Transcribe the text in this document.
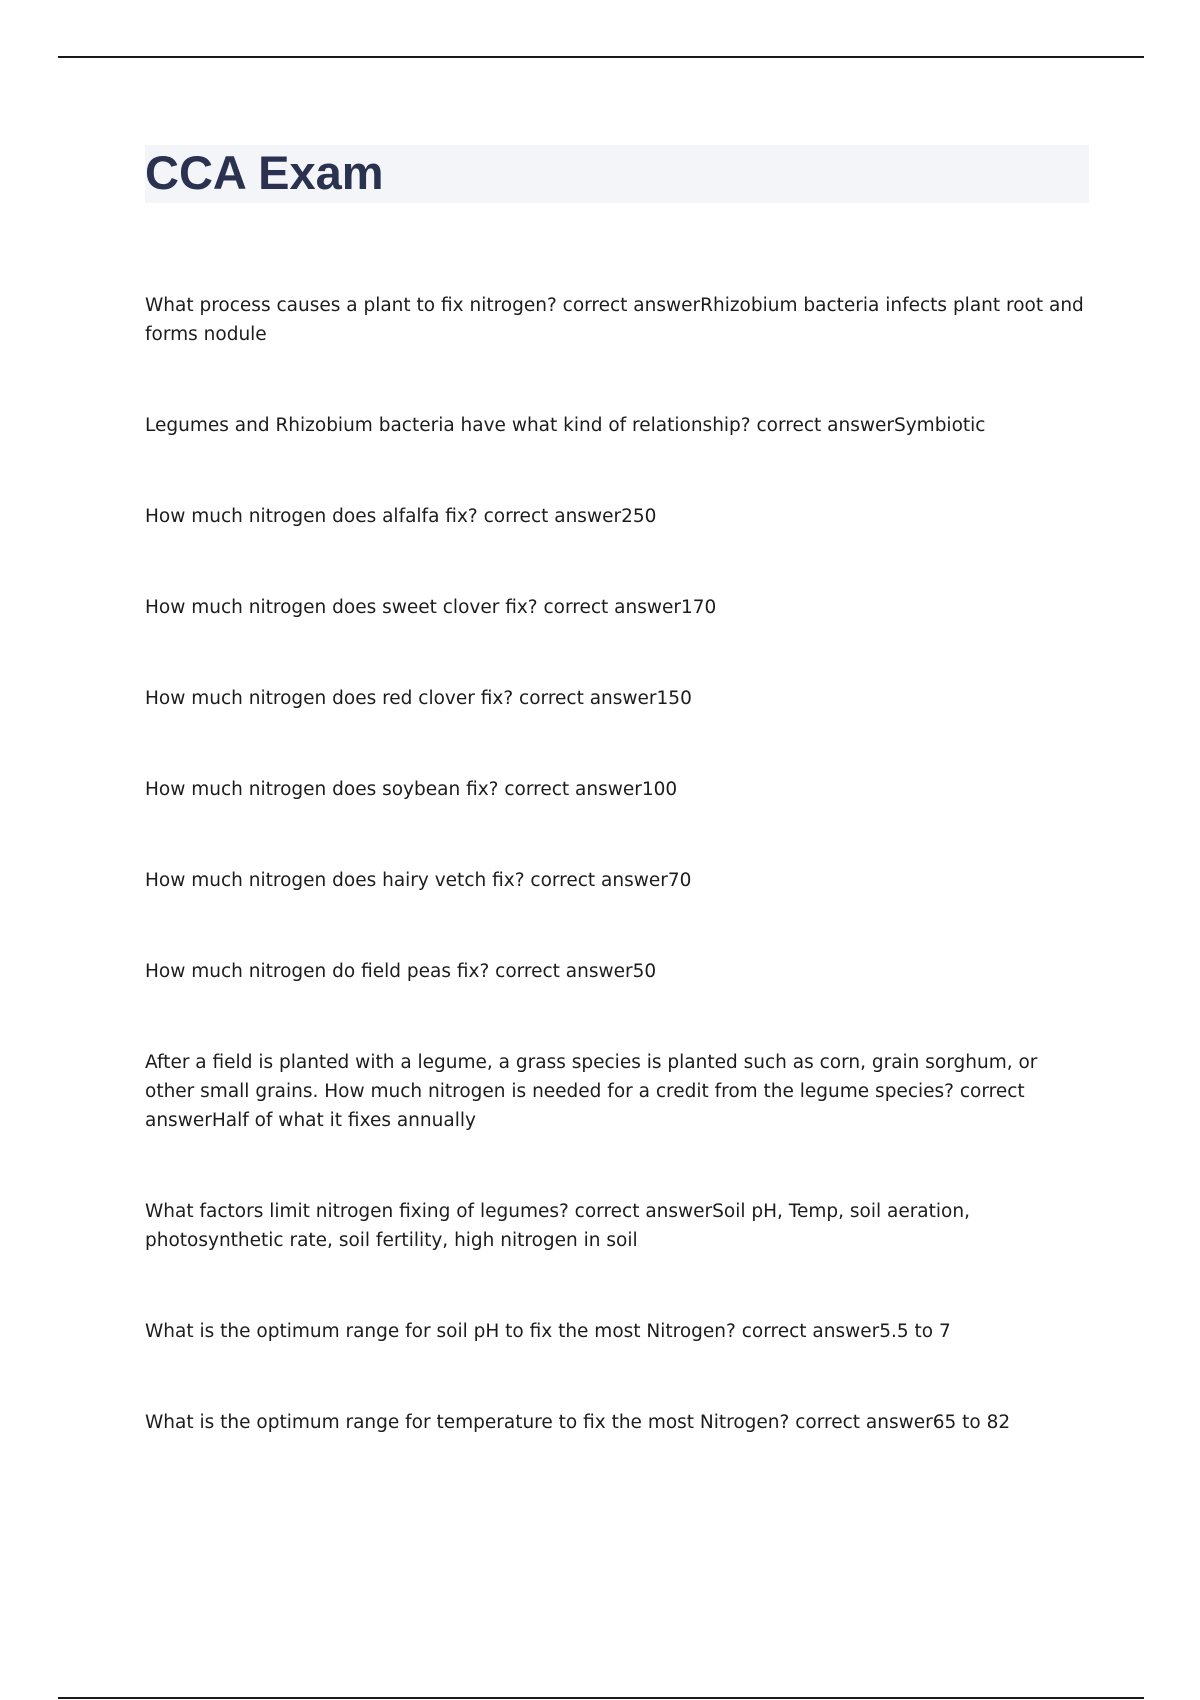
CCA Exam
What process causes a plant to fix nitrogen? correct answerRhizobium bacteria infects plant root and forms nodule
Legumes and Rhizobium bacteria have what kind of relationship? correct answerSymbiotic
How much nitrogen does alfalfa fix? correct answer250
How much nitrogen does sweet clover fix? correct answer170
How much nitrogen does red clover fix? correct answer150
How much nitrogen does soybean fix? correct answer100
How much nitrogen does hairy vetch fix? correct answer70
How much nitrogen do field peas fix? correct answer50
After a field is planted with a legume, a grass species is planted such as corn, grain sorghum, or other small grains. How much nitrogen is needed for a credit from the legume species? correct answerHalf of what it fixes annually
What factors limit nitrogen fixing of legumes? correct answerSoil pH, Temp, soil aeration, photosynthetic rate, soil fertility, high nitrogen in soil
What is the optimum range for soil pH to fix the most Nitrogen? correct answer5.5 to 7
What is the optimum range for temperature to fix the most Nitrogen? correct answer65 to 82
